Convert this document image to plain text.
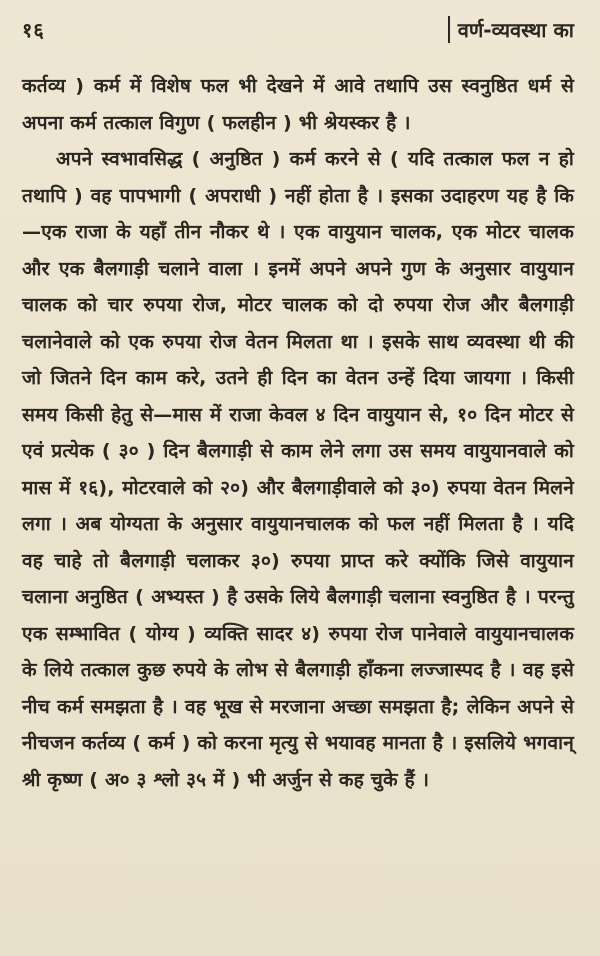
१६	वर्ण-व्यवस्था का

कर्तव्य ) कर्म में विशेष फल भी देखने में आवे तथापि उस स्वनुष्ठित धर्म से अपना कर्म तत्काल विगुण ( फलहीन ) भी श्रेयस्कर है ।

अपने स्वभावसिद्ध ( अनुष्ठित ) कर्म करने से ( यदि तत्काल फल न हो तथापि ) वह पापभागी ( अपराधी ) नहीं होता है । इसका उदाहरण यह है कि—एक राजा के यहाँ तीन नौकर थे । एक वायुयान चालक, एक मोटर चालक और एक बैलगाड़ी चलाने वाला । इनमें अपने अपने गुण के अनुसार वायुयान चालक को चार रुपया रोज, मोटर चालक को दो रुपया रोज और बैलगाड़ी चलानेवाले को एक रुपया रोज वेतन मिलता था । इसके साथ व्यवस्था थी की जो जितने दिन काम करे, उतने ही दिन का वेतन उन्हें दिया जायगा । किसी समय किसी हेतु से—मास में राजा केवल ४ दिन वायुयान से, १० दिन मोटर से एवं प्रत्येक ( ३० ) दिन बैलगाड़ी से काम लेने लगा उस समय वायुयानवाले को मास में १६), मोटरवाले को २०) और बैलगाड़ीवाले को ३०) रुपया वेतन मिलने लगा । अब योग्यता के अनुसार वायुयानचालक को फल नहीं मिलता है । यदि वह चाहे तो बैलगाड़ी चलाकर ३०) रुपया प्राप्त करे क्योंकि जिसे वायुयान चलाना अनुष्ठित ( अभ्यस्त ) है उसके लिये बैलगाड़ी चलाना स्वनुष्ठित है । परन्तु एक सम्भावित ( योग्य ) व्यक्ति सादर ४) रुपया रोज पानेवाले वायुयानचालक के लिये तत्काल कुछ रुपये के लोभ से बैलगाड़ी हाँकना लज्जास्पद है । वह इसे नीच कर्म समझता है । वह भूख से मरजाना अच्छा समझता है; लेकिन अपने से नीचजन कर्तव्य ( कर्म ) को करना मृत्यु से भयावह मानता है । इसलिये भगवान् श्री कृष्ण ( अ० ३ श्लो ३५ में ) भी अर्जुन से कह चुके हैं ।
